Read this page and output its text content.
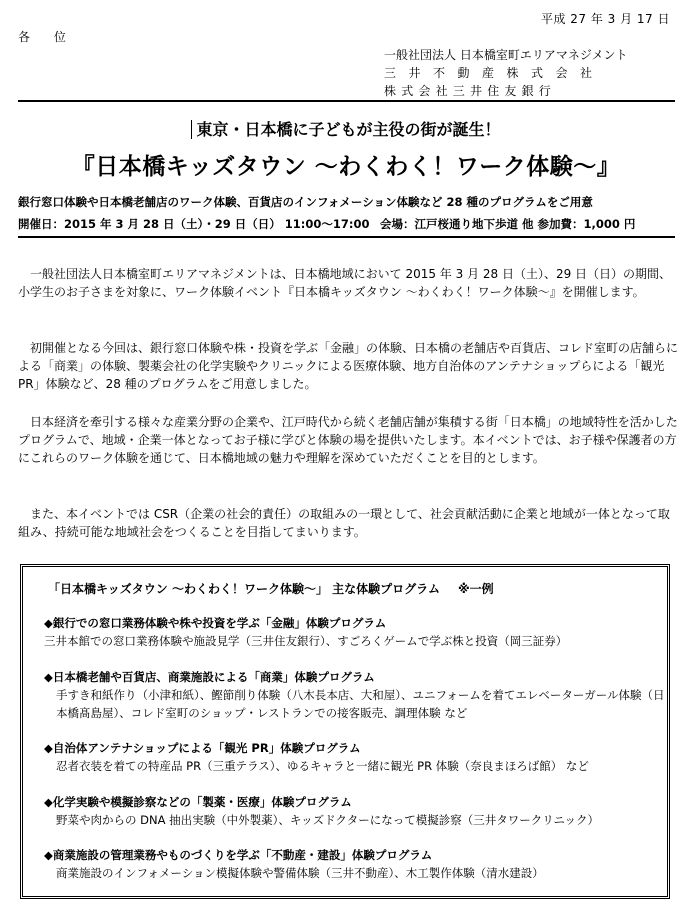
平成 27 年 3 月 17 日
各 位
一般社団法人 日本橋室町エリアマネジメント
三井不動産株式会社
株式会社三井住友銀行
東京・日本橋に子どもが主役の街が誕生！
『日本橋キッズタウン ～わくわく！ワーク体験～』
銀行窓口体験や日本橋老舗店のワーク体験、百貨店のインフォメーション体験など 28 種のプログラムをご用意
開催日：2015 年 3 月 28 日（土）・29 日（日） 11:00～17:00 会場：江戸桜通り地下歩道 他 参加費：1,000 円
　一般社団法人日本橋室町エリアマネジメントは、日本橋地域において 2015 年 3 月 28 日（土）、29 日（日）の期間、小学生のお子さまを対象に、ワーク体験イベント『日本橋キッズタウン ～わくわく！ワーク体験～』を開催します。
　初開催となる今回は、銀行窓口体験や株・投資を学ぶ「金融」の体験、日本橋の老舗店や百貨店、コレド室町の店舗らによる「商業」の体験、製薬会社の化学実験やクリニックによる医療体験、地方自治体のアンテナショップらによる「観光 PR」体験など、28 種のプログラムをご用意しました。
　日本経済を牽引する様々な産業分野の企業や、江戸時代から続く老舗店舗が集積する街「日本橋」の地域特性を活かしたプログラムで、地域・企業一体となってお子様に学びと体験の場を提供いたします。本イベントでは、お子様や保護者の方にこれらのワーク体験を通じて、日本橋地域の魅力や理解を深めていただくことを目的とします。
　また、本イベントでは CSR（企業の社会的責任）の取組みの一環として、社会貢献活動に企業と地域が一体となって取組み、持続可能な地域社会をつくることを目指してまいります。
「日本橋キッズタウン ～わくわく！ワーク体験～」 主な体験プログラム ※一例
◆銀行での窓口業務体験や株や投資を学ぶ「金融」体験プログラム
三井本館での窓口業務体験や施設見学（三井住友銀行）、すごろくゲームで学ぶ株と投資（岡三証券）
◆日本橋老舗や百貨店、商業施設による「商業」体験プログラム
手すき和紙作り（小津和紙）、鰹節削り体験（八木長本店、大和屋）、ユニフォームを着てエレベーターガール体験（日本橋髙島屋）、コレド室町のショップ・レストランでの接客販売、調理体験 など
◆自治体アンテナショップによる「観光 PR」体験プログラム
忍者衣装を着ての特産品 PR（三重テラス）、ゆるキャラと一緒に観光 PR 体験（奈良まほろば館） など
◆化学実験や模擬診察などの「製薬・医療」体験プログラム
野菜や肉からの DNA 抽出実験（中外製薬）、キッズドクターになって模擬診察（三井タワークリニック）
◆商業施設の管理業務やものづくりを学ぶ「不動産・建設」体験プログラム
商業施設のインフォメーション模擬体験や警備体験（三井不動産）、木工製作体験（清水建設）
